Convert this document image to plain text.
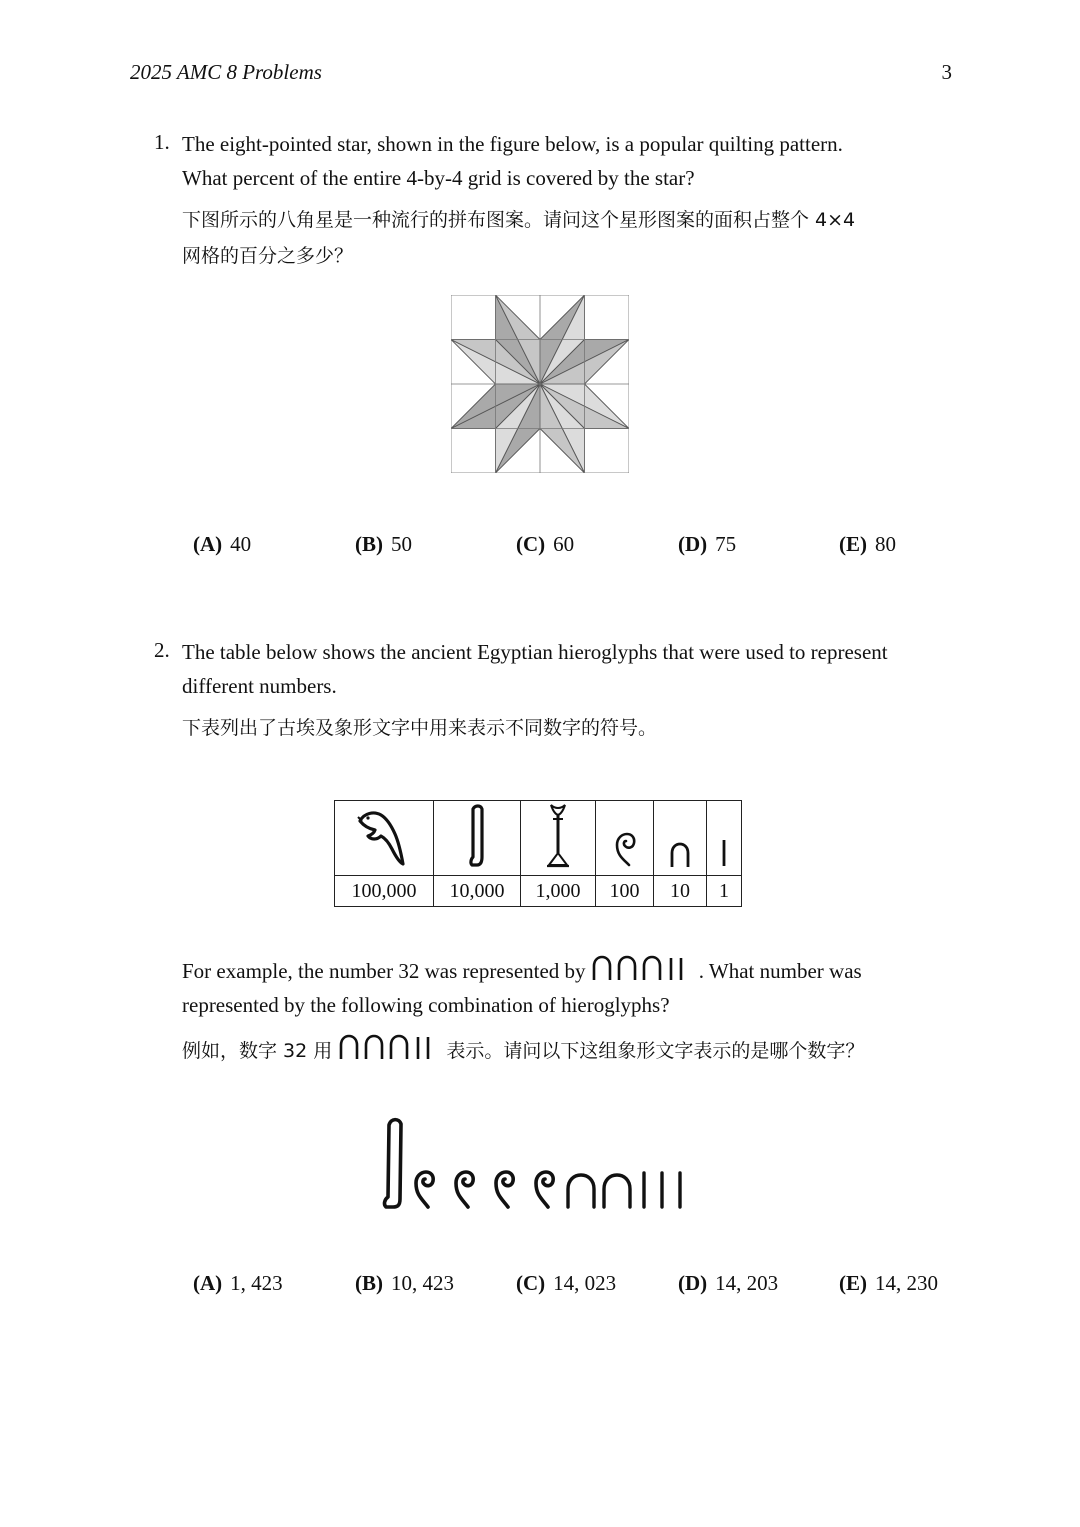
2025 AMC 8 Problems	3
1. The eight-pointed star, shown in the figure below, is a popular quilting pattern.
What percent of the entire 4-by-4 grid is covered by the star?
下图所示的八角星是一种流行的拼布图案。请问这个星形图案的面积占整个 4×4
网格的百分之多少？
(A) 40	(B) 50	(C) 60	(D) 75	(E) 80
2. The table below shows the ancient Egyptian hieroglyphs that were used to represent
different numbers.
下表列出了古埃及象形文字中用来表示不同数字的符号。

100,000	10,000	1,000	100	10	1
For example, the number 32 was represented by	. What number was
represented by the following combination of hieroglyphs?
例如，数字 32 用	表示。请问以下这组象形文字表示的是哪个数字？
(A) 1, 423	(B) 10, 423	(C) 14, 023	(D) 14, 203	(E) 14, 230
